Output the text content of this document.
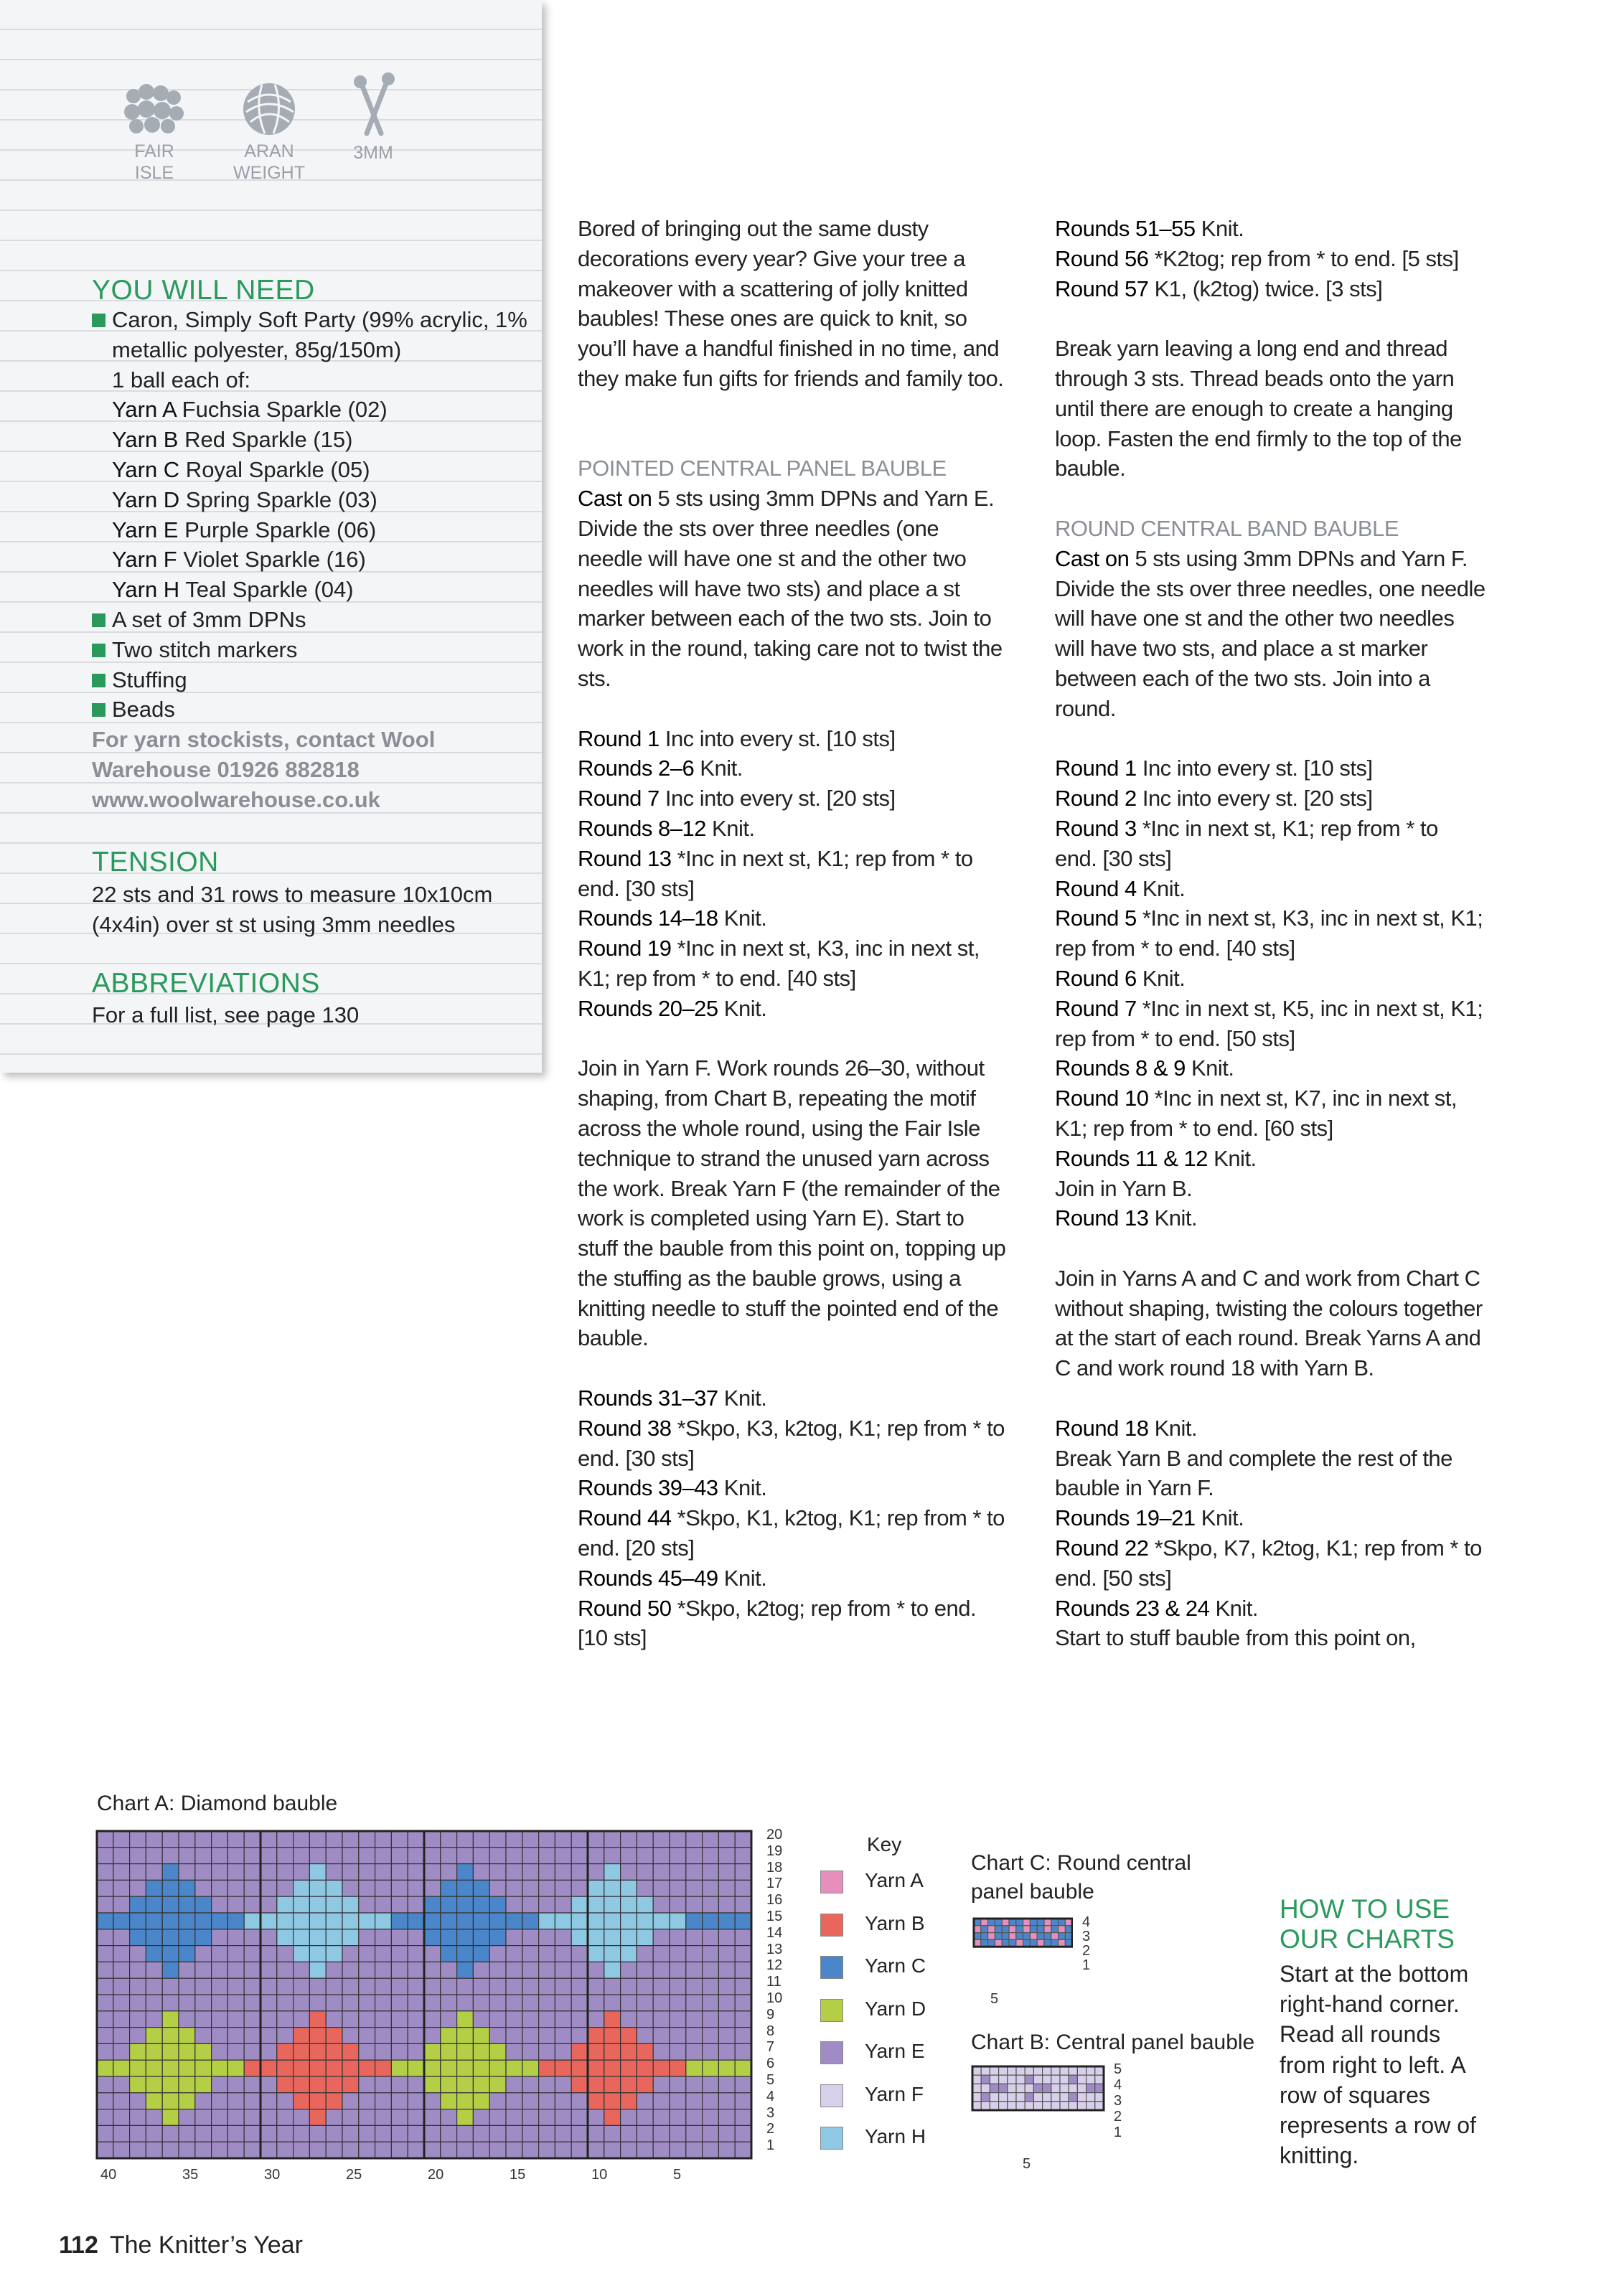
FAIR
ISLE
ARAN
WEIGHT
3MM
YOU WILL NEED
Caron, Simply Soft Party (99% acrylic, 1% metallic polyester, 85g/150m)
1 ball each of:
Yarn A Fuchsia Sparkle (02)
Yarn B Red Sparkle (15)
Yarn C Royal Sparkle (05)
Yarn D Spring Sparkle (03)
Yarn E Purple Sparkle (06)
Yarn F Violet Sparkle (16)
Yarn H Teal Sparkle (04)
A set of 3mm DPNs
Two stitch markers
Stuffing
Beads
For yarn stockists, contact Wool Warehouse 01926 882818 www.woolwarehouse.co.uk
TENSION
22 sts and 31 rows to measure 10x10cm (4x4in) over st st using 3mm needles
ABBREVIATIONS
For a full list, see page 130

Bored of bringing out the same dusty decorations every year? Give your tree a makeover with a scattering of jolly knitted baubles! These ones are quick to knit, so you’ll have a handful finished in no time, and they make fun gifts for friends and family too.

POINTED CENTRAL PANEL BAUBLE

Cast on 5 sts using 3mm DPNs and Yarn E. Divide the sts over three needles (one needle will have one st and the other two needles will have two sts) and place a st marker between each of the two sts. Join to work in the round, taking care not to twist the sts.

Round 1 Inc into every st. [10 sts]

Rounds 2–6 Knit.

Round 7 Inc into every st. [20 sts]

Rounds 8–12 Knit.

Round 13 *Inc in next st, K1; rep from * to end. [30 sts]

Rounds 14–18 Knit.

Round 19 *Inc in next st, K3, inc in next st, K1; rep from * to end. [40 sts]

Rounds 20–25 Knit.

Join in Yarn F. Work rounds 26–30, without shaping, from Chart B, repeating the motif across the whole round, using the Fair Isle technique to strand the unused yarn across the work. Break Yarn F (the remainder of the work is completed using Yarn E). Start to stuff the bauble from this point on, topping up the stuffing as the bauble grows, using a knitting needle to stuff the pointed end of the bauble.

Rounds 31–37 Knit.

Round 38 *Skpo, K3, k2tog, K1; rep from * to end. [30 sts]

Rounds 39–43 Knit.

Round 44 *Skpo, K1, k2tog, K1; rep from * to end. [20 sts]

Rounds 45–49 Knit.

Round 50 *Skpo, k2tog; rep from * to end. [10 sts]

Rounds 51–55 Knit.

Round 56 *K2tog; rep from * to end. [5 sts]

Round 57 K1, (k2tog) twice. [3 sts]

Break yarn leaving a long end and thread through 3 sts. Thread beads onto the yarn until there are enough to create a hanging loop. Fasten the end firmly to the top of the bauble.

ROUND CENTRAL BAND BAUBLE

Cast on 5 sts using 3mm DPNs and Yarn F. Divide the sts over three needles, one needle will have one st and the other two needles will have two sts, and place a st marker between each of the two sts. Join into a round.

Round 1 Inc into every st. [10 sts]

Round 2 Inc into every st. [20 sts]

Round 3 *Inc in next st, K1; rep from * to end. [30 sts]

Round 4 Knit.

Round 5 *Inc in next st, K3, inc in next st, K1; rep from * to end. [40 sts]

Round 6 Knit.

Round 7 *Inc in next st, K5, inc in next st, K1; rep from * to end. [50 sts]

Rounds 8 & 9 Knit.

Round 10 *Inc in next st, K7, inc in next st, K1; rep from * to end. [60 sts]

Rounds 11 & 12 Knit.

Join in Yarn B.

Round 13 Knit.

Join in Yarns A and C and work from Chart C without shaping, twisting the colours together at the start of each round. Break Yarns A and C and work round 18 with Yarn B.

Round 18 Knit.

Break Yarn B and complete the rest of the bauble in Yarn F.

Rounds 19–21 Knit.

Round 22 *Skpo, K7, k2tog, K1; rep from * to end. [50 sts]

Rounds 23 & 24 Knit.

Start to stuff bauble from this point on,

Chart A: Diamond bauble
20
19
18
17
16
15
14
13
12
11
10
9
8
7
6
5
4
3
2
1
40	35	30	25	20	15	10	5
Key
Yarn A
Yarn B
Yarn C
Yarn D
Yarn E
Yarn F
Yarn H
Chart C: Round central panel bauble
4
3
2
1
5
Chart B: Central panel bauble
5
4
3
2
1
5
HOW TO USE OUR CHARTS
Start at the bottom right-hand corner. Read all rounds from right to left. A row of squares represents a row of knitting.
112 The Knitter’s Year
